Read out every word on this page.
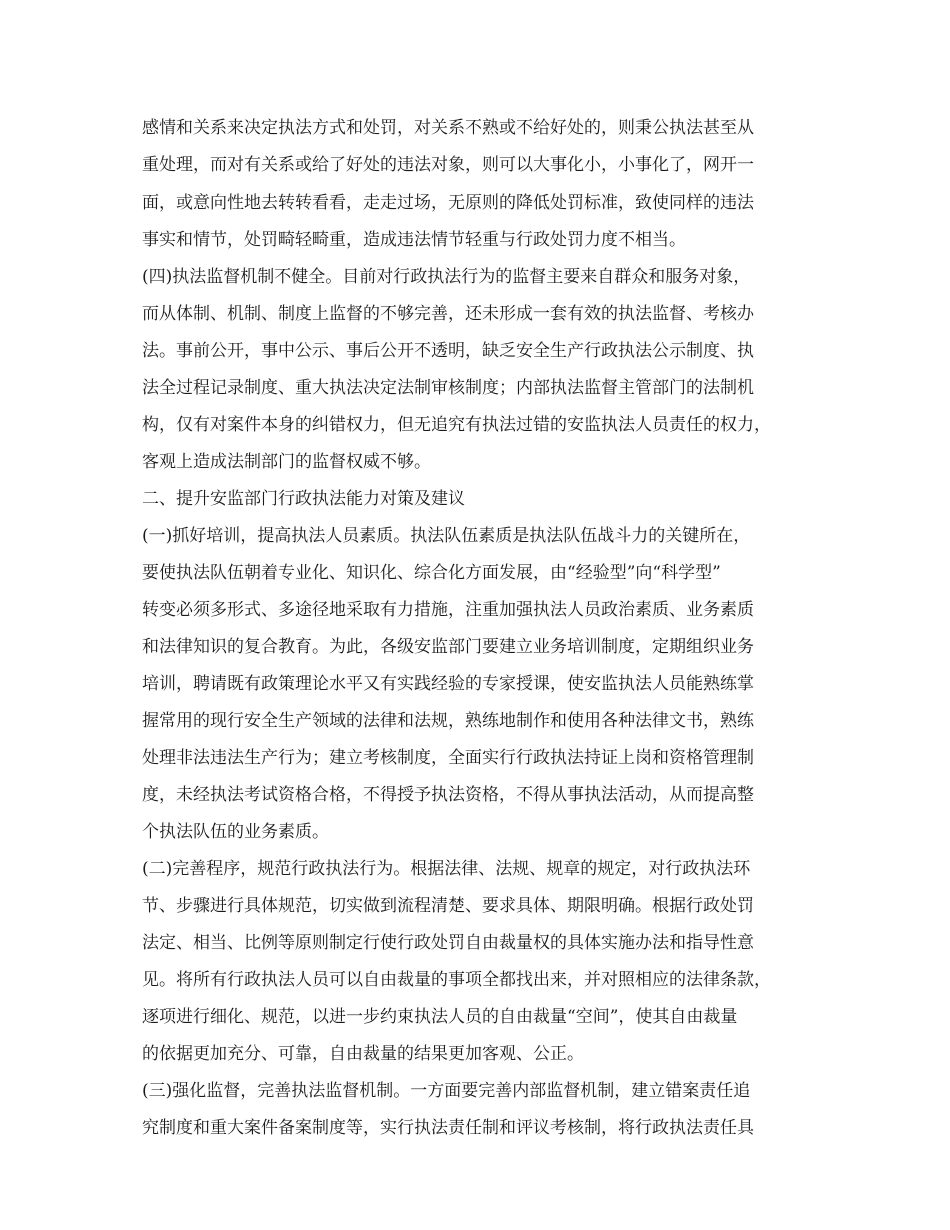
感情和关系来决定执法方式和处罚，对关系不熟或不给好处的，则秉公执法甚至从
重处理，而对有关系或给了好处的违法对象，则可以大事化小，小事化了，网开一
面，或意向性地去转转看看，走走过场，无原则的降低处罚标准，致使同样的违法
事实和情节，处罚畸轻畸重，造成违法情节轻重与行政处罚力度不相当。
(四)执法监督机制不健全。目前对行政执法行为的监督主要来自群众和服务对象，
而从体制、机制、制度上监督的不够完善，还未形成一套有效的执法监督、考核办
法。事前公开，事中公示、事后公开不透明，缺乏安全生产行政执法公示制度、执
法全过程记录制度、重大执法决定法制审核制度；内部执法监督主管部门的法制机
构，仅有对案件本身的纠错权力，但无追究有执法过错的安监执法人员责任的权力，
客观上造成法制部门的监督权威不够。
二、提升安监部门行政执法能力对策及建议
(一)抓好培训，提高执法人员素质。执法队伍素质是执法队伍战斗力的关键所在，
要使执法队伍朝着专业化、知识化、综合化方面发展，由“经验型”向“科学型”
转变必须多形式、多途径地采取有力措施，注重加强执法人员政治素质、业务素质
和法律知识的复合教育。为此，各级安监部门要建立业务培训制度，定期组织业务
培训，聘请既有政策理论水平又有实践经验的专家授课，使安监执法人员能熟练掌
握常用的现行安全生产领域的法律和法规，熟练地制作和使用各种法律文书，熟练
处理非法违法生产行为；建立考核制度，全面实行行政执法持证上岗和资格管理制
度，未经执法考试资格合格，不得授予执法资格，不得从事执法活动，从而提高整
个执法队伍的业务素质。
(二)完善程序，规范行政执法行为。根据法律、法规、规章的规定，对行政执法环
节、步骤进行具体规范，切实做到流程清楚、要求具体、期限明确。根据行政处罚
法定、相当、比例等原则制定行使行政处罚自由裁量权的具体实施办法和指导性意
见。将所有行政执法人员可以自由裁量的事项全都找出来，并对照相应的法律条款，
逐项进行细化、规范，以进一步约束执法人员的自由裁量“空间”，使其自由裁量
的依据更加充分、可靠，自由裁量的结果更加客观、公正。
(三)强化监督，完善执法监督机制。一方面要完善内部监督机制，建立错案责任追
究制度和重大案件备案制度等，实行执法责任制和评议考核制，将行政执法责任具
